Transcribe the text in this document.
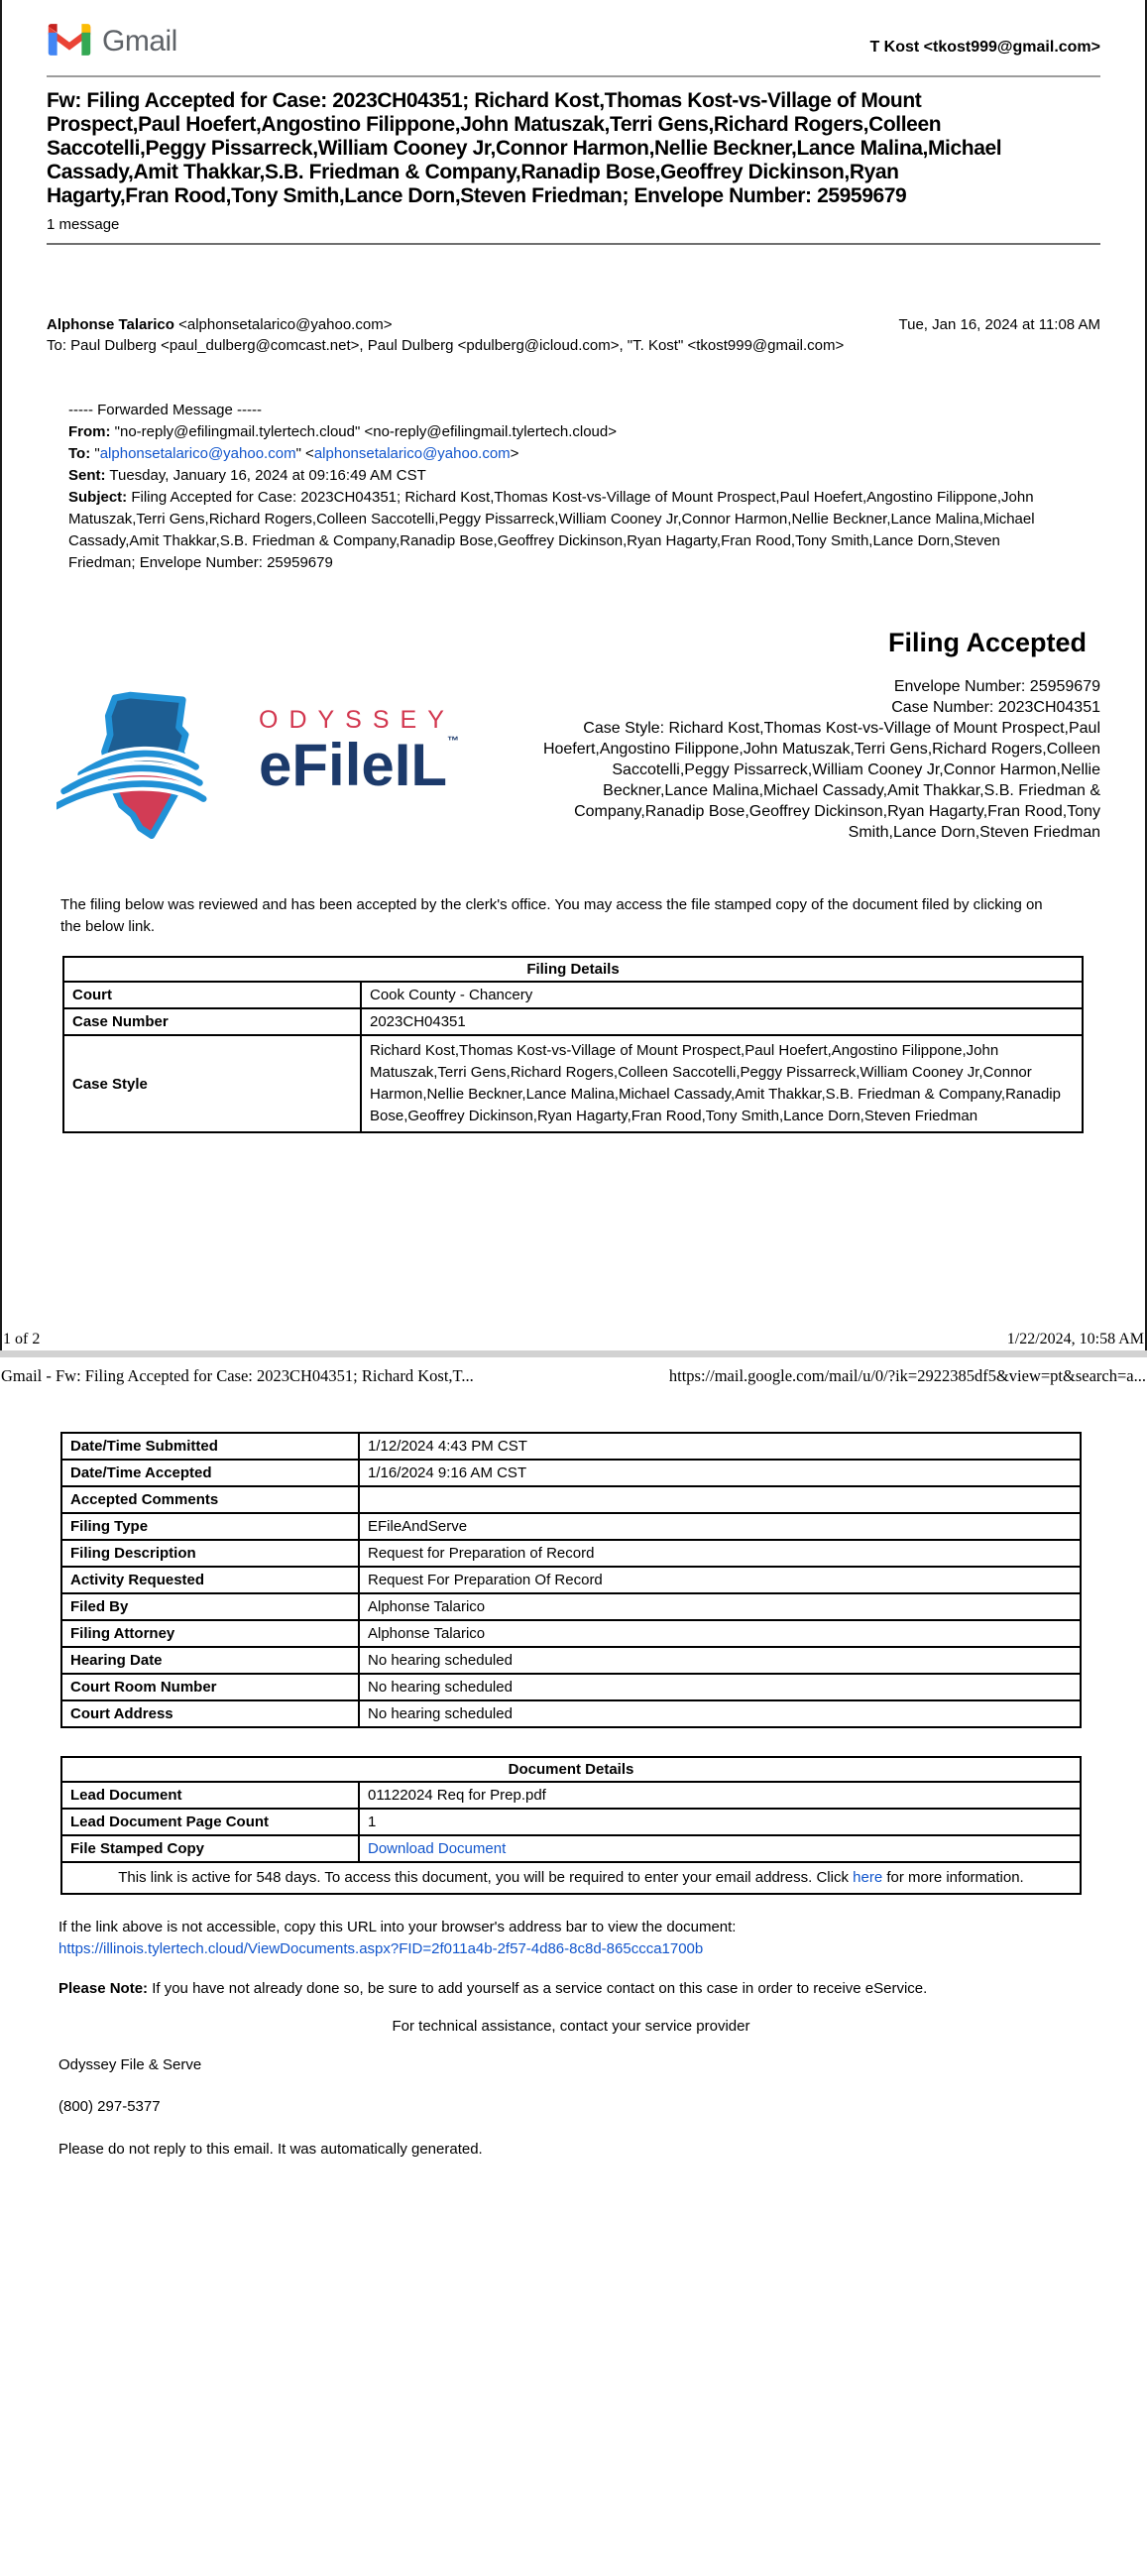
Gmail	T Kost <tkost999@gmail.com>
Fw: Filing Accepted for Case: 2023CH04351; Richard Kost,Thomas Kost-vs-Village of Mount Prospect,Paul Hoefert,Angostino Filippone,John Matuszak,Terri Gens,Richard Rogers,Colleen Saccotelli,Peggy Pissarreck,William Cooney Jr,Connor Harmon,Nellie Beckner,Lance Malina,Michael Cassady,Amit Thakkar,S.B. Friedman & Company,Ranadip Bose,Geoffrey Dickinson,Ryan Hagarty,Fran Rood,Tony Smith,Lance Dorn,Steven Friedman; Envelope Number: 25959679
1 message
Alphonse Talarico <alphonsetalarico@yahoo.com>	Tue, Jan 16, 2024 at 11:08 AM
To: Paul Dulberg <paul_dulberg@comcast.net>, Paul Dulberg <pdulberg@icloud.com>, "T. Kost" <tkost999@gmail.com>
----- Forwarded Message -----
From: "no-reply@efilingmail.tylertech.cloud" <no-reply@efilingmail.tylertech.cloud>
To: "alphonsetalarico@yahoo.com" <alphonsetalarico@yahoo.com>
Sent: Tuesday, January 16, 2024 at 09:16:49 AM CST
Subject: Filing Accepted for Case: 2023CH04351; Richard Kost,Thomas Kost-vs-Village of Mount Prospect,Paul Hoefert,Angostino Filippone,John Matuszak,Terri Gens,Richard Rogers,Colleen Saccotelli,Peggy Pissarreck,William Cooney Jr,Connor Harmon,Nellie Beckner,Lance Malina,Michael Cassady,Amit Thakkar,S.B. Friedman & Company,Ranadip Bose,Geoffrey Dickinson,Ryan Hagarty,Fran Rood,Tony Smith,Lance Dorn,Steven Friedman; Envelope Number: 25959679
Filing Accepted
ODYSSEY
eFileIL™
Envelope Number: 25959679
Case Number: 2023CH04351
Case Style: Richard Kost,Thomas Kost-vs-Village of Mount Prospect,Paul Hoefert,Angostino Filippone,John Matuszak,Terri Gens,Richard Rogers,Colleen Saccotelli,Peggy Pissarreck,William Cooney Jr,Connor Harmon,Nellie Beckner,Lance Malina,Michael Cassady,Amit Thakkar,S.B. Friedman & Company,Ranadip Bose,Geoffrey Dickinson,Ryan Hagarty,Fran Rood,Tony Smith,Lance Dorn,Steven Friedman

The filing below was reviewed and has been accepted by the clerk's office. You may access the file stamped copy of the document filed by clicking on the below link.

Filing Details	
Court	Cook County - Chancery
Case Number	2023CH04351
Case Style	Richard Kost,Thomas Kost-vs-Village of Mount Prospect,Paul Hoefert,Angostino Filippone,John Matuszak,Terri Gens,Richard Rogers,Colleen Saccotelli,Peggy Pissarreck,William Cooney Jr,Connor Harmon,Nellie Beckner,Lance Malina,Michael Cassady,Amit Thakkar,S.B. Friedman & Company,Ranadip Bose,Geoffrey Dickinson,Ryan Hagarty,Fran Rood,Tony Smith,Lance Dorn,Steven Friedman
1 of 2	1/22/2024, 10:58 AM
Gmail - Fw: Filing Accepted for Case: 2023CH04351; Richard Kost,T...	https://mail.google.com/mail/u/0/?ik=2922385df5&view=pt&search=a...
Date/Time Submitted	1/12/2024 4:43 PM CST
Date/Time Accepted	1/16/2024 9:16 AM CST
Accepted Comments	
Filing Type	EFileAndServe
Filing Description	Request for Preparation of Record
Activity Requested	Request For Preparation Of Record
Filed By	Alphonse Talarico
Filing Attorney	Alphonse Talarico
Hearing Date	No hearing scheduled
Court Room Number	No hearing scheduled
Court Address	No hearing scheduled
Document Details	
Lead Document	01122024 Req for Prep.pdf
Lead Document Page Count	1
File Stamped Copy	Download Document
This link is active for 548 days. To access this document, you will be required to enter your email address. Click here for more information.	

If the link above is not accessible, copy this URL into your browser's address bar to view the document:
https://illinois.tylertech.cloud/ViewDocuments.aspx?FID=2f011a4b-2f57-4d86-8c8d-865ccca1700b

Please Note: If you have not already done so, be sure to add yourself as a service contact on this case in order to receive eService.

For technical assistance, contact your service provider

Odyssey File & Serve

(800) 297-5377

Please do not reply to this email. It was automatically generated.
